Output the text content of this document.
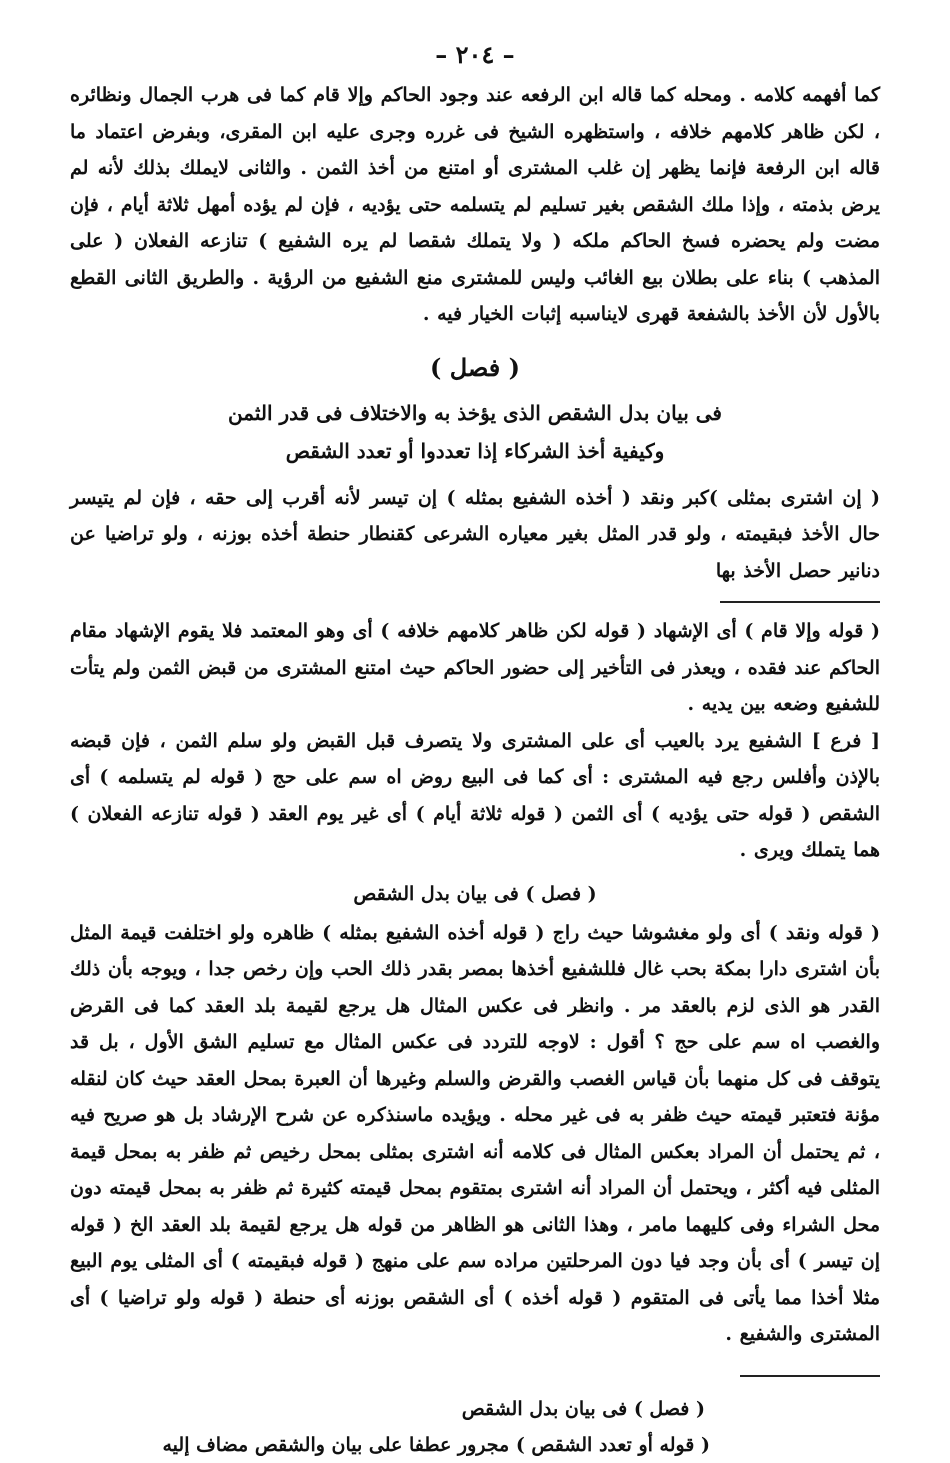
– ٢٠٤ –

كما أفهمه كلامه . ومحله كما قاله ابن الرفعه عند وجود الحاكم وإلا قام كما فى هرب الجمال ونظائره ، لكن ظاهر كلامهم خلافه ، واستظهره الشيخ فى غرره وجرى عليه ابن المقرى، وبفرض اعتماد ما قاله ابن الرفعة فإنما يظهر إن غلب المشترى أو امتنع من أخذ الثمن . والثانى لايملك بذلك لأنه لم يرض بذمته ، وإذا ملك الشقص بغير تسليم لم يتسلمه حتى يؤديه ، فإن لم يؤده أمهل ثلاثة أيام ، فإن مضت ولم يحضره فسخ الحاكم ملكه ( ولا يتملك شقصا لم يره الشفيع ) تنازعه الفعلان ( على المذهب ) بناء على بطلان بيع الغائب وليس للمشترى منع الشفيع من الرؤية . والطريق الثانى القطع بالأول لأن الأخذ بالشفعة قهرى لايناسبه إثبات الخيار فيه .

( فصل )

فى بيان بدل الشقص الذى يؤخذ به والاختلاف فى قدر الثمن

وكيفية أخذ الشركاء إذا تعددوا أو تعدد الشقص

( إن اشترى بمثلى )كبر ونقد ( أخذه الشفيع بمثله ) إن تيسر لأنه أقرب إلى حقه ، فإن لم يتيسر حال الأخذ فبقيمته ، ولو قدر المثل بغير معياره الشرعى كقنطار حنطة أخذه بوزنه ، ولو تراضيا عن دنانير حصل الأخذ بها

( قوله وإلا قام ) أى الإشهاد ( قوله لكن ظاهر كلامهم خلافه ) أى وهو المعتمد فلا يقوم الإشهاد مقام الحاكم عند فقده ، ويعذر فى التأخير إلى حضور الحاكم حيث امتنع المشترى من قبض الثمن ولم يتأت للشفيع وضعه بين يديه .

[ فرع ] الشفيع يرد بالعيب أى على المشترى ولا يتصرف قبل القبض ولو سلم الثمن ، فإن قبضه بالإذن وأفلس رجع فيه المشترى : أى كما فى البيع روض اه سم على حج ( قوله لم يتسلمه ) أى الشقص ( قوله حتى يؤديه ) أى الثمن ( قوله ثلاثة أيام ) أى غير يوم العقد ( قوله تنازعه الفعلان ) هما يتملك ويرى .

( فصل ) فى بيان بدل الشقص

( قوله ونقد ) أى ولو مغشوشا حيث راج ( قوله أخذه الشفيع بمثله ) ظاهره ولو اختلفت قيمة المثل بأن اشترى دارا بمكة بحب غال فللشفيع أخذها بمصر بقدر ذلك الحب وإن رخص جدا ، ويوجه بأن ذلك القدر هو الذى لزم بالعقد مر . وانظر فى عكس المثال هل يرجع لقيمة بلد العقد كما فى القرض والغصب اه سم على حج ؟ أقول : لاوجه للتردد فى عكس المثال مع تسليم الشق الأول ، بل قد يتوقف فى كل منهما بأن قياس الغصب والقرض والسلم وغيرها أن العبرة بمحل العقد حيث كان لنقله مؤنة فتعتبر قيمته حيث ظفر به فى غير محله . ويؤيده ماسنذكره عن شرح الإرشاد بل هو صريح فيه ، ثم يحتمل أن المراد بعكس المثال فى كلامه أنه اشترى بمثلى بمحل رخيص ثم ظفر به بمحل قيمة المثلى فيه أكثر ، ويحتمل أن المراد أنه اشترى بمتقوم بمحل قيمته كثيرة ثم ظفر به بمحل قيمته دون محل الشراء وفى كليهما مامر ، وهذا الثانى هو الظاهر من قوله هل يرجع لقيمة بلد العقد الخ ( قوله إن تيسر ) أى بأن وجد فيا دون المرحلتين مراده سم على منهج ( قوله فبقيمته ) أى المثلى يوم البيع مثلا أخذا مما يأتى فى المتقوم ( قوله أخذه ) أى الشقص بوزنه أى حنطة ( قوله ولو تراضيا ) أى المشترى والشفيع .

( فصل ) فى بيان بدل الشقص

( قوله أو تعدد الشقص ) مجرور عطفا على بيان والشقص مضاف إليه
